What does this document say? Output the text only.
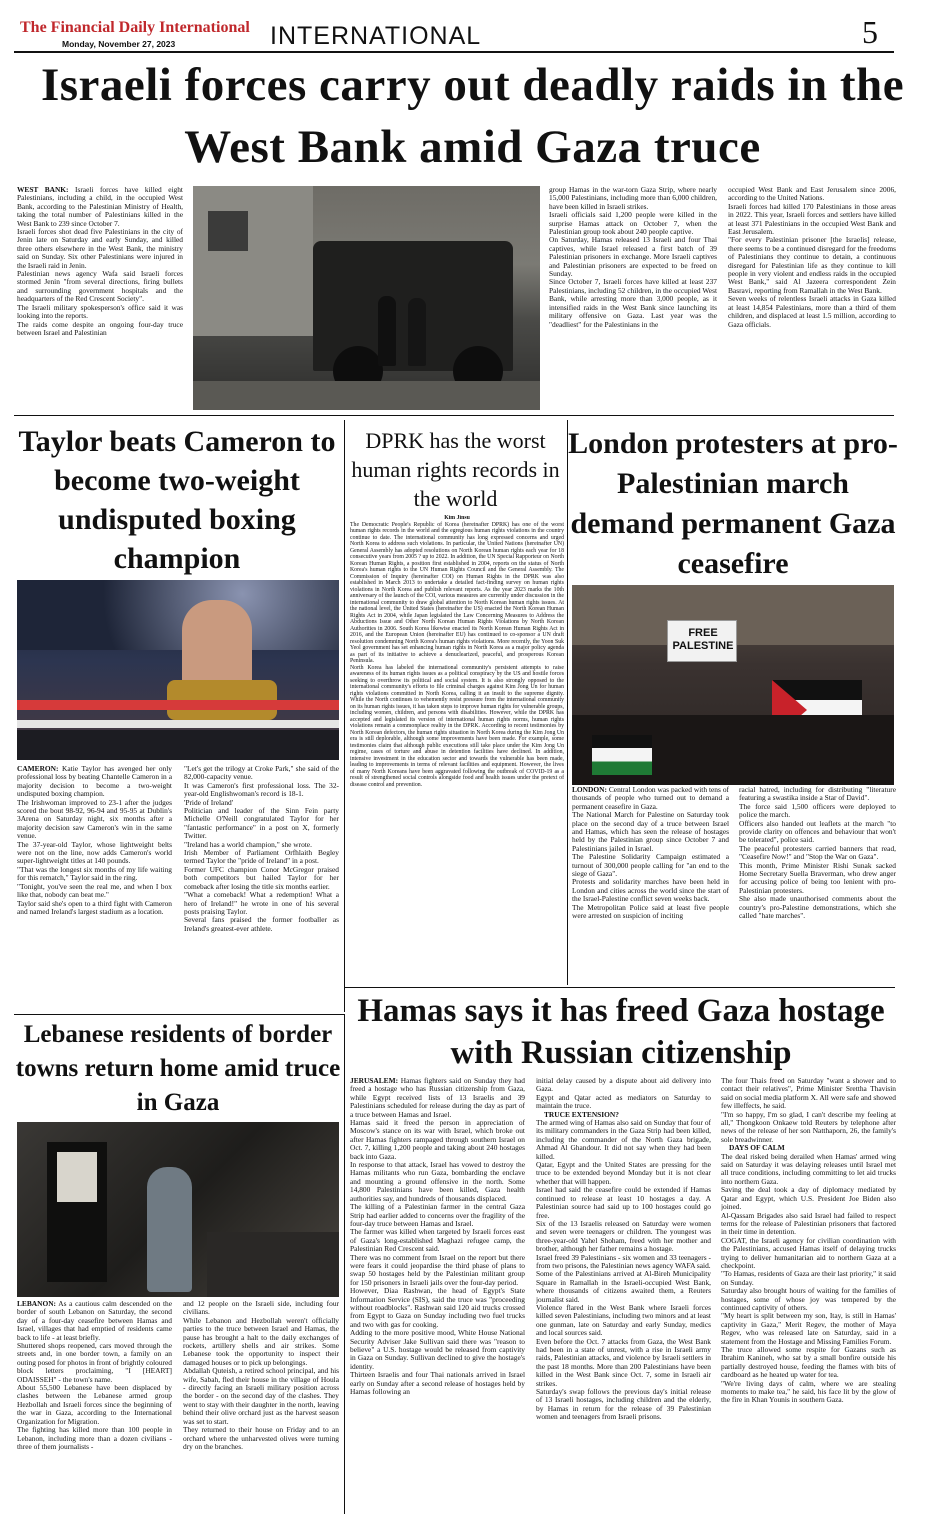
The Financial Daily International
Monday, November 27, 2023	INTERNATIONAL	5
Israeli forces carry out deadly raids in the West Bank amid Gaza truce

WEST BANK: Israeli forces have killed eight Palestinians, including a child, in the occupied West Bank, according to the Palestinian Ministry of Health, taking the total number of Palestinians killed in the West Bank to 239 since October 7.

Israeli forces shot dead five Palestinians in the city of Jenin late on Saturday and early Sunday, and killed three others elsewhere in the West Bank, the ministry said on Sunday. Six other Palestinians were injured in the Israeli raid in Jenin.

Palestinian news agency Wafa said Israeli forces stormed Jenin "from several directions, firing bullets and surrounding government hospitals and the headquarters of the Red Crescent Society".

The Israeli military spokesperson's office said it was looking into the reports.

The raids come despite an ongoing four-day truce between Israel and Palestinian

group Hamas in the war-torn Gaza Strip, where nearly 15,000 Palestinians, including more than 6,000 children, have been killed in Israeli strikes.

Israeli officials said 1,200 people were killed in the surprise Hamas attack on October 7, when the Palestinian group took about 240 people captive.

On Saturday, Hamas released 13 Israeli and four Thai captives, while Israel released a first batch of 39 Palestinian prisoners in exchange. More Israeli captives and Palestinian prisoners are expected to be freed on Sunday.

Since October 7, Israeli forces have killed at least 237 Palestinians, including 52 children, in the occupied West Bank, while arresting more than 3,000 people, as it intensified raids in the West Bank since launching its military offensive on Gaza. Last year was the "deadliest" for the Palestinians in the

occupied West Bank and East Jerusalem since 2006, according to the United Nations.

Israeli forces had killed 170 Palestinians in those areas in 2022. This year, Israeli forces and settlers have killed at least 371 Palestinians in the occupied West Bank and East Jerusalem.

"For every Palestinian prisoner [the Israelis] release, there seems to be a continued disregard for the freedoms of Palestinians they continue to detain, a continuous disregard for Palestinian life as they continue to kill people in very violent and endless raids in the occupied West Bank," said Al Jazeera correspondent Zein Basravi, reporting from Ramallah in the West Bank.

Seven weeks of relentless Israeli attacks in Gaza killed at least 14,854 Palestinians, more than a third of them children, and displaced at least 1.5 million, according to Gaza officials.

Taylor beats Cameron to become two-weight undisputed boxing champion

CAMERON: Katie Taylor has avenged her only professional loss by beating Chantelle Cameron in a majority decision to become a two-weight undisputed boxing champion.

The Irishwoman improved to 23-1 after the judges scored the bout 98-92, 96-94 and 95-95 at Dublin's 3Arena on Saturday night, six months after a majority decision saw Cameron's win in the same venue.

The 37-year-old Taylor, whose lightweight belts were not on the line, now adds Cameron's world super-lightweight titles at 140 pounds.

"That was the longest six months of my life waiting for this rematch," Taylor said in the ring.

"Tonight, you've seen the real me, and when I box like that, nobody can beat me."

Taylor said she's open to a third fight with Cameron and named Ireland's largest stadium as a location.

"Let's get the trilogy at Croke Park," she said of the 82,000-capacity venue.

It was Cameron's first professional loss. The 32-year-old Englishwoman's record is 18-1.

'Pride of Ireland'

Politician and leader of the Sinn Fein party Michelle O'Neill congratulated Taylor for her "fantastic performance" in a post on X, formerly Twitter.

"Ireland has a world champion," she wrote.

Irish Member of Parliament Orfhlaith Begley termed Taylor the "pride of Ireland" in a post.

Former UFC champion Conor McGregor praised both competitors but hailed Taylor for her comeback after losing the title six months earlier.

"What a comeback! What a redemption! What a hero of Ireland!" he wrote in one of his several posts praising Taylor.

Several fans praised the former footballer as Ireland's greatest-ever athlete.

DPRK has the worst human rights records in the world

Kim Jinsu

The Democratic People's Republic of Korea (hereinafter DPRK) has one of the worst human rights records in the world and the egregious human rights violations in the country continue to date. The international community has long expressed concerns and urged North Korea to address such violations. In particular, the United Nations (hereinafter UN) General Assembly has adopted resolutions on North Korean human rights each year for 18 consecutive years from 2005 ? up to 2022. In addition, the UN Special Rapporteur on North Korean Human Rights, a position first established in 2004, reports on the status of North Korea's human rights to the UN Human Rights Council and the General Assembly. The Commission of Inquiry (hereinafter COI) on Human Rights in the DPRK was also established in March 2013 to undertake a detailed fact-finding survey on human rights violations in North Korea and publish relevant reports. As the year 2023 marks the 10th anniversary of the launch of the COI, various measures are currently under discussion in the international community to draw global attention to North Korean human rights issues. At the national level, the United States (hereinafter the US) enacted the North Korean Human Rights Act in 2004, while Japan legislated the Law Concerning Measures to Address the Abductions Issue and Other North Korean Human Rights Violations by North Korean Authorities in 2006. South Korea likewise enacted its North Korean Human Rights Act in 2016, and the European Union (hereinafter EU) has continued to co-sponsor a UN draft resolution condemning North Korea's human rights violations. More recently, the Yoon Suk Yeol government has set enhancing human rights in North Korea as a major policy agenda as part of its initiative to achieve a denuclearized, peaceful, and prosperous Korean Peninsula.

North Korea has labeled the international community's persistent attempts to raise awareness of its human rights issues as a political conspiracy by the US and hostile forces seeking to overthrow its political and social system. It is also strongly opposed to the international community's efforts to file criminal charges against Kim Jong Un for human rights violations committed in North Korea, calling it an insult to the supreme dignity. While the North continues to vehemently resist pressure from the international community on its human rights issues, it has taken steps to improve human rights for vulnerable groups, including women, children, and persons with disabilities. However, while the DPRK has accepted and legislated its version of international human rights norms, human rights violations remain a commonplace reality in the DPRK. According to recent testimonies by North Korean defectors, the human rights situation in North Korea during the Kim Jong Un era is still deplorable, although some improvements have been made. For example, some testimonies claim that although public executions still take place under the Kim Jong Un regime, cases of torture and abuse in detention facilities have declined. In addition, intensive investment in the education sector and towards the vulnerable has been made, leading to improvements in terms of relevant facilities and equipment. However, the lives of many North Koreans have been aggravated following the outbreak of COVID-19 as a result of strengthened social controls alongside food and health issues under the pretext of disease control and prevention.

London protesters at pro-Palestinian march demand permanent Gaza ceasefire
FREE PALESTINE

LONDON: Central London was packed with tens of thousands of people who turned out to demand a permanent ceasefire in Gaza.

The National March for Palestine on Saturday took place on the second day of a truce between Israel and Hamas, which has seen the release of hostages held by the Palestinian group since October 7 and Palestinians jailed in Israel.

The Palestine Solidarity Campaign estimated a turnout of 300,000 people calling for "an end to the siege of Gaza".

Protests and solidarity marches have been held in London and cities across the world since the start of the Israel-Palestine conflict seven weeks back.

The Metropolitan Police said at least five people were arrested on suspicion of inciting

racial hatred, including for distributing "literature featuring a swastika inside a Star of David".

The force said 1,500 officers were deployed to police the march.

Officers also handed out leaflets at the march "to provide clarity on offences and behaviour that won't be tolerated", police said.

The peaceful protesters carried banners that read, "Ceasefire Now!" and "Stop the War on Gaza".

This month, Prime Minister Rishi Sunak sacked Home Secretary Suella Braverman, who drew anger for accusing police of being too lenient with pro-Palestinian protesters.

She also made unauthorised comments about the country's pro-Palestine demonstrations, which she called "hate marches".

Lebanese residents of border towns return home amid truce in Gaza

LEBANON: As a cautious calm descended on the border of south Lebanon on Saturday, the second day of a four-day ceasefire between Hamas and Israel, villages that had emptied of residents came back to life - at least briefly.

Shuttered shops reopened, cars moved through the streets and, in one border town, a family on an outing posed for photos in front of brightly coloured block letters proclaiming, "I [HEART] ODAISSEH" - the town's name.

About 55,500 Lebanese have been displaced by clashes between the Lebanese armed group Hezbollah and Israeli forces since the beginning of the war in Gaza, according to the International Organization for Migration.

The fighting has killed more than 100 people in Lebanon, including more than a dozen civilians - three of them journalists -

and 12 people on the Israeli side, including four civilians.

While Lebanon and Hezbollah weren't officially parties to the truce between Israel and Hamas, the pause has brought a halt to the daily exchanges of rockets, artillery shells and air strikes. Some Lebanese took the opportunity to inspect their damaged houses or to pick up belongings.

Abdallah Quteish, a retired school principal, and his wife, Sabah, fled their house in the village of Houla - directly facing an Israeli military position across the border - on the second day of the clashes. They went to stay with their daughter in the north, leaving behind their olive orchard just as the harvest season was set to start.

They returned to their house on Friday and to an orchard where the unharvested olives were turning dry on the branches.

Hamas says it has freed Gaza hostage with Russian citizenship

JERUSALEM: Hamas fighters said on Sunday they had freed a hostage who has Russian citizenship from Gaza, while Egypt received lists of 13 Israelis and 39 Palestinians scheduled for release during the day as part of a truce between Hamas and Israel.

Hamas said it freed the person in appreciation of Moscow's stance on its war with Israel, which broke out after Hamas fighters rampaged through southern Israel on Oct. 7, killing 1,200 people and taking about 240 hostages back into Gaza.

In response to that attack, Israel has vowed to destroy the Hamas militants who run Gaza, bombarding the enclave and mounting a ground offensive in the north. Some 14,800 Palestinians have been killed, Gaza health authorities say, and hundreds of thousands displaced.

The killing of a Palestinian farmer in the central Gaza Strip had earlier added to concerns over the fragility of the four-day truce between Hamas and Israel.

The farmer was killed when targeted by Israeli forces east of Gaza's long-established Maghazi refugee camp, the Palestinian Red Crescent said.

There was no comment from Israel on the report but there were fears it could jeopardise the third phase of plans to swap 50 hostages held by the Palestinian militant group for 150 prisoners in Israeli jails over the four-day period.

However, Diaa Rashwan, the head of Egypt's State Information Service (SIS), said the truce was "proceeding without roadblocks". Rashwan said 120 aid trucks crossed from Egypt to Gaza on Sunday including two fuel trucks and two with gas for cooking.

Adding to the more positive mood, White House National Security Adviser Jake Sullivan said there was "reason to believe" a U.S. hostage would be released from captivity in Gaza on Sunday. Sullivan declined to give the hostage's identity.

Thirteen Israelis and four Thai nationals arrived in Israel early on Sunday after a second release of hostages held by Hamas following an

initial delay caused by a dispute about aid delivery into Gaza.

Egypt and Qatar acted as mediators on Saturday to maintain the truce.

TRUCE EXTENSION?

The armed wing of Hamas also said on Sunday that four of its military commanders in the Gaza Strip had been killed, including the commander of the North Gaza brigade, Ahmad Al Ghandour. It did not say when they had been killed.

Qatar, Egypt and the United States are pressing for the truce to be extended beyond Monday but it is not clear whether that will happen.

Israel had said the ceasefire could be extended if Hamas continued to release at least 10 hostages a day. A Palestinian source had said up to 100 hostages could go free.

Six of the 13 Israelis released on Saturday were women and seven were teenagers or children. The youngest was three-year-old Yahel Shoham, freed with her mother and brother, although her father remains a hostage.

Israel freed 39 Palestinians - six women and 33 teenagers - from two prisons, the Palestinian news agency WAFA said.

Some of the Palestinians arrived at Al-Bireh Municipality Square in Ramallah in the Israeli-occupied West Bank, where thousands of citizens awaited them, a Reuters journalist said.

Violence flared in the West Bank where Israeli forces killed seven Palestinians, including two minors and at least one gunman, late on Saturday and early Sunday, medics and local sources said.

Even before the Oct. 7 attacks from Gaza, the West Bank had been in a state of unrest, with a rise in Israeli army raids, Palestinian attacks, and violence by Israeli settlers in the past 18 months. More than 200 Palestinians have been killed in the West Bank since Oct. 7, some in Israeli air strikes.

Saturday's swap follows the previous day's initial release of 13 Israeli hostages, including children and the elderly, by Hamas in return for the release of 39 Palestinian women and teenagers from Israeli prisons.

The four Thais freed on Saturday "want a shower and to contact their relatives", Prime Minister Srettha Thavisin said on social media platform X. All were safe and showed few illeffects, he said.

"I'm so happy, I'm so glad, I can't describe my feeling at all," Thongkoon Onkaew told Reuters by telephone after news of the release of her son Natthaporn, 26, the family's sole breadwinner.

DAYS OF CALM

The deal risked being derailed when Hamas' armed wing said on Saturday it was delaying releases until Israel met all truce conditions, including committing to let aid trucks into northern Gaza.

Saving the deal took a day of diplomacy mediated by Qatar and Egypt, which U.S. President Joe Biden also joined.

Al-Qassam Brigades also said Israel had failed to respect terms for the release of Palestinian prisoners that factored in their time in detention.

COGAT, the Israeli agency for civilian coordination with the Palestinians, accused Hamas itself of delaying trucks trying to deliver humanitarian aid to northern Gaza at a checkpoint.

"To Hamas, residents of Gaza are their last priority," it said on Sunday.

Saturday also brought hours of waiting for the families of hostages, some of whose joy was tempered by the continued captivity of others.

"My heart is split between my son, Itay, is still in Hamas' captivity in Gaza," Merit Regev, the mother of Maya Regev, who was released late on Saturday, said in a statement from the Hostage and Missing Families Forum.

The truce allowed some respite for Gazans such as Ibrahim Kanineh, who sat by a small bonfire outside his partially destroyed house, feeding the flames with bits of cardboard as he heated up water for tea.

"We're living days of calm, where we are stealing moments to make tea," he said, his face lit by the glow of the fire in Khan Younis in southern Gaza.
